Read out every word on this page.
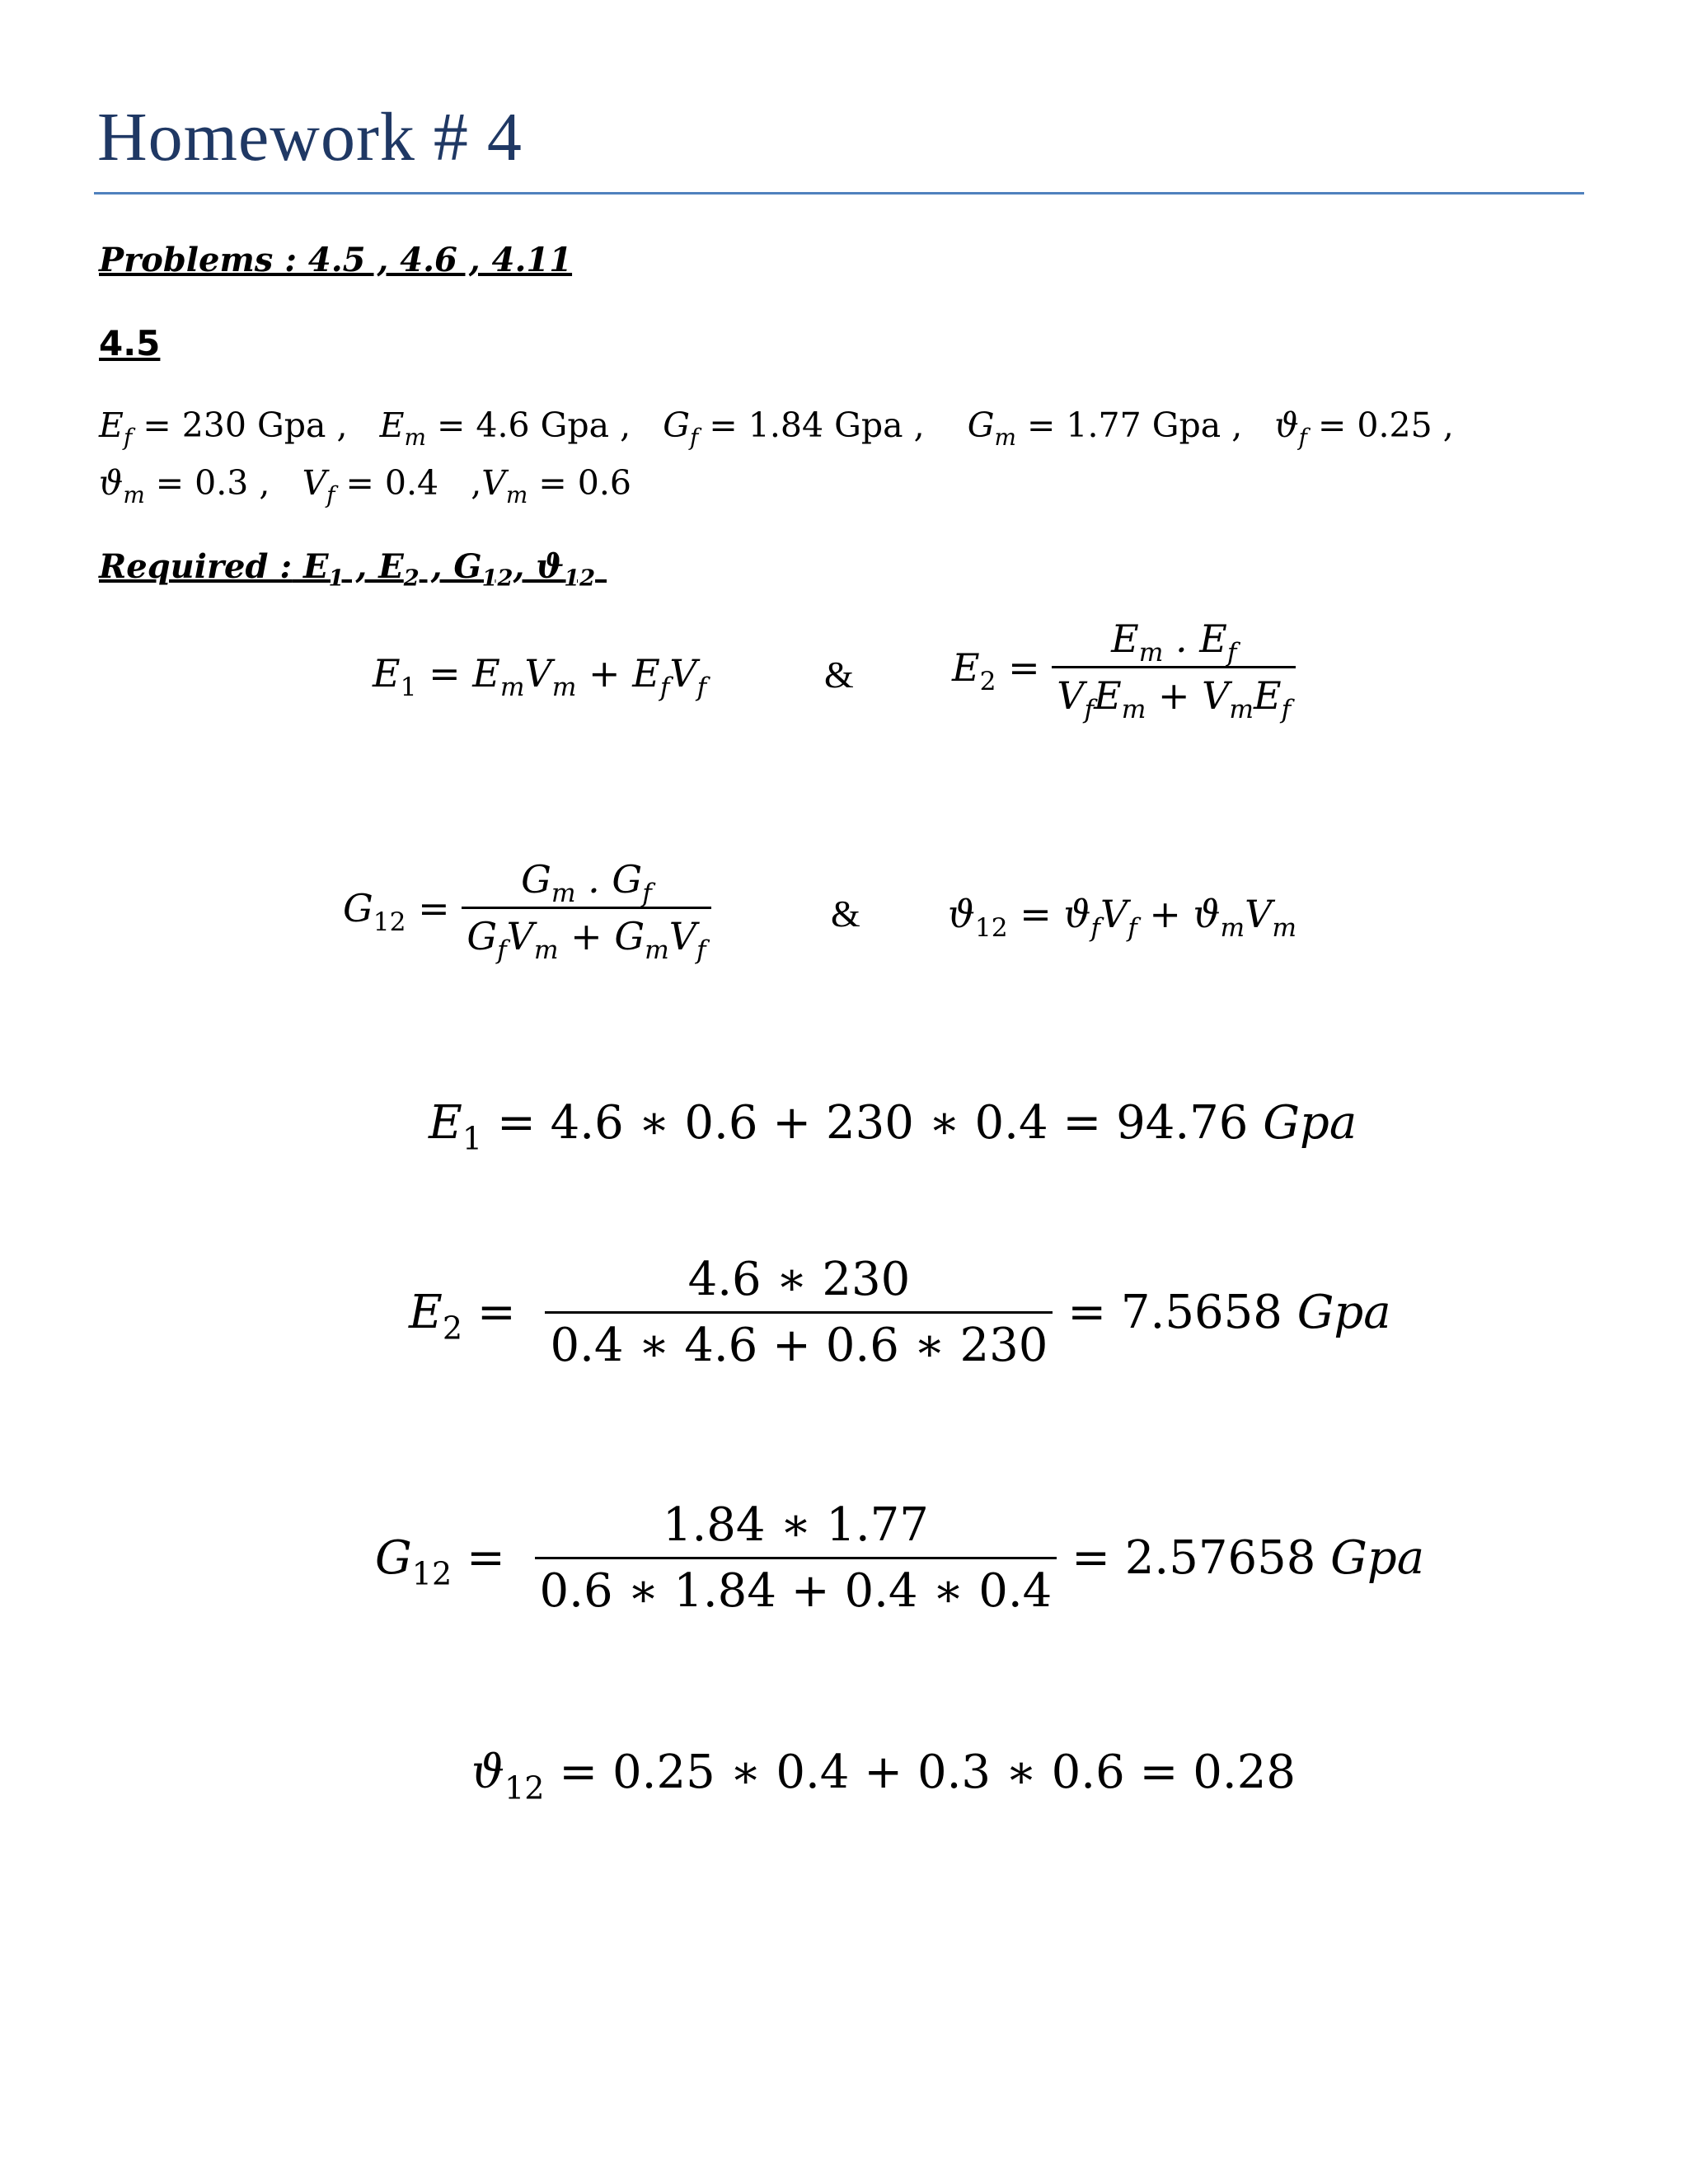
Homework # 4
Problems : 4.5 , 4.6 , 4.11
4.5
$E_f = 230$ Gpa , $E_m = 4.6$ Gpa , $G_f = 1.84$ Gpa , $G_m = 1.77$ Gpa , $ϑ_f = 0.25$ ,
$ϑ_m = 0.3$ , $V_f = 0.4$   $,V_m = 0.6$
Required : $E_1$ , $E_2$ , $G_{12}$, $ϑ_{12}$
$E_1 = E_mV_m + E_fV_f$	&	$E_2 = \frac{E_m . E_f}{V_fE_m + V_mE_f}$
$G_{12} = \frac{G_m . G_f}{G_fV_m + G_mV_f}$	& $ϑ_{12} = ϑ_fV_f + ϑ_mV_m$
$E_1 = 4.6$ ∗ 0.6 + 230 ∗ 0.4 = 94.76 Gpa
$E_2 = \frac{4.6 ∗ 230}{0.4 ∗ 4.6 + 0.6 ∗ 230} = 7.5658$ Gpa
$G_{12} = \frac{1.84 ∗ 1.77}{0.6 ∗ 1.84 + 0.4 ∗ 0.4} = 2.57658$ Gpa
$ϑ_{12} = 0.25$ ∗ 0.4 + 0.3 ∗ 0.6 = 0.28
